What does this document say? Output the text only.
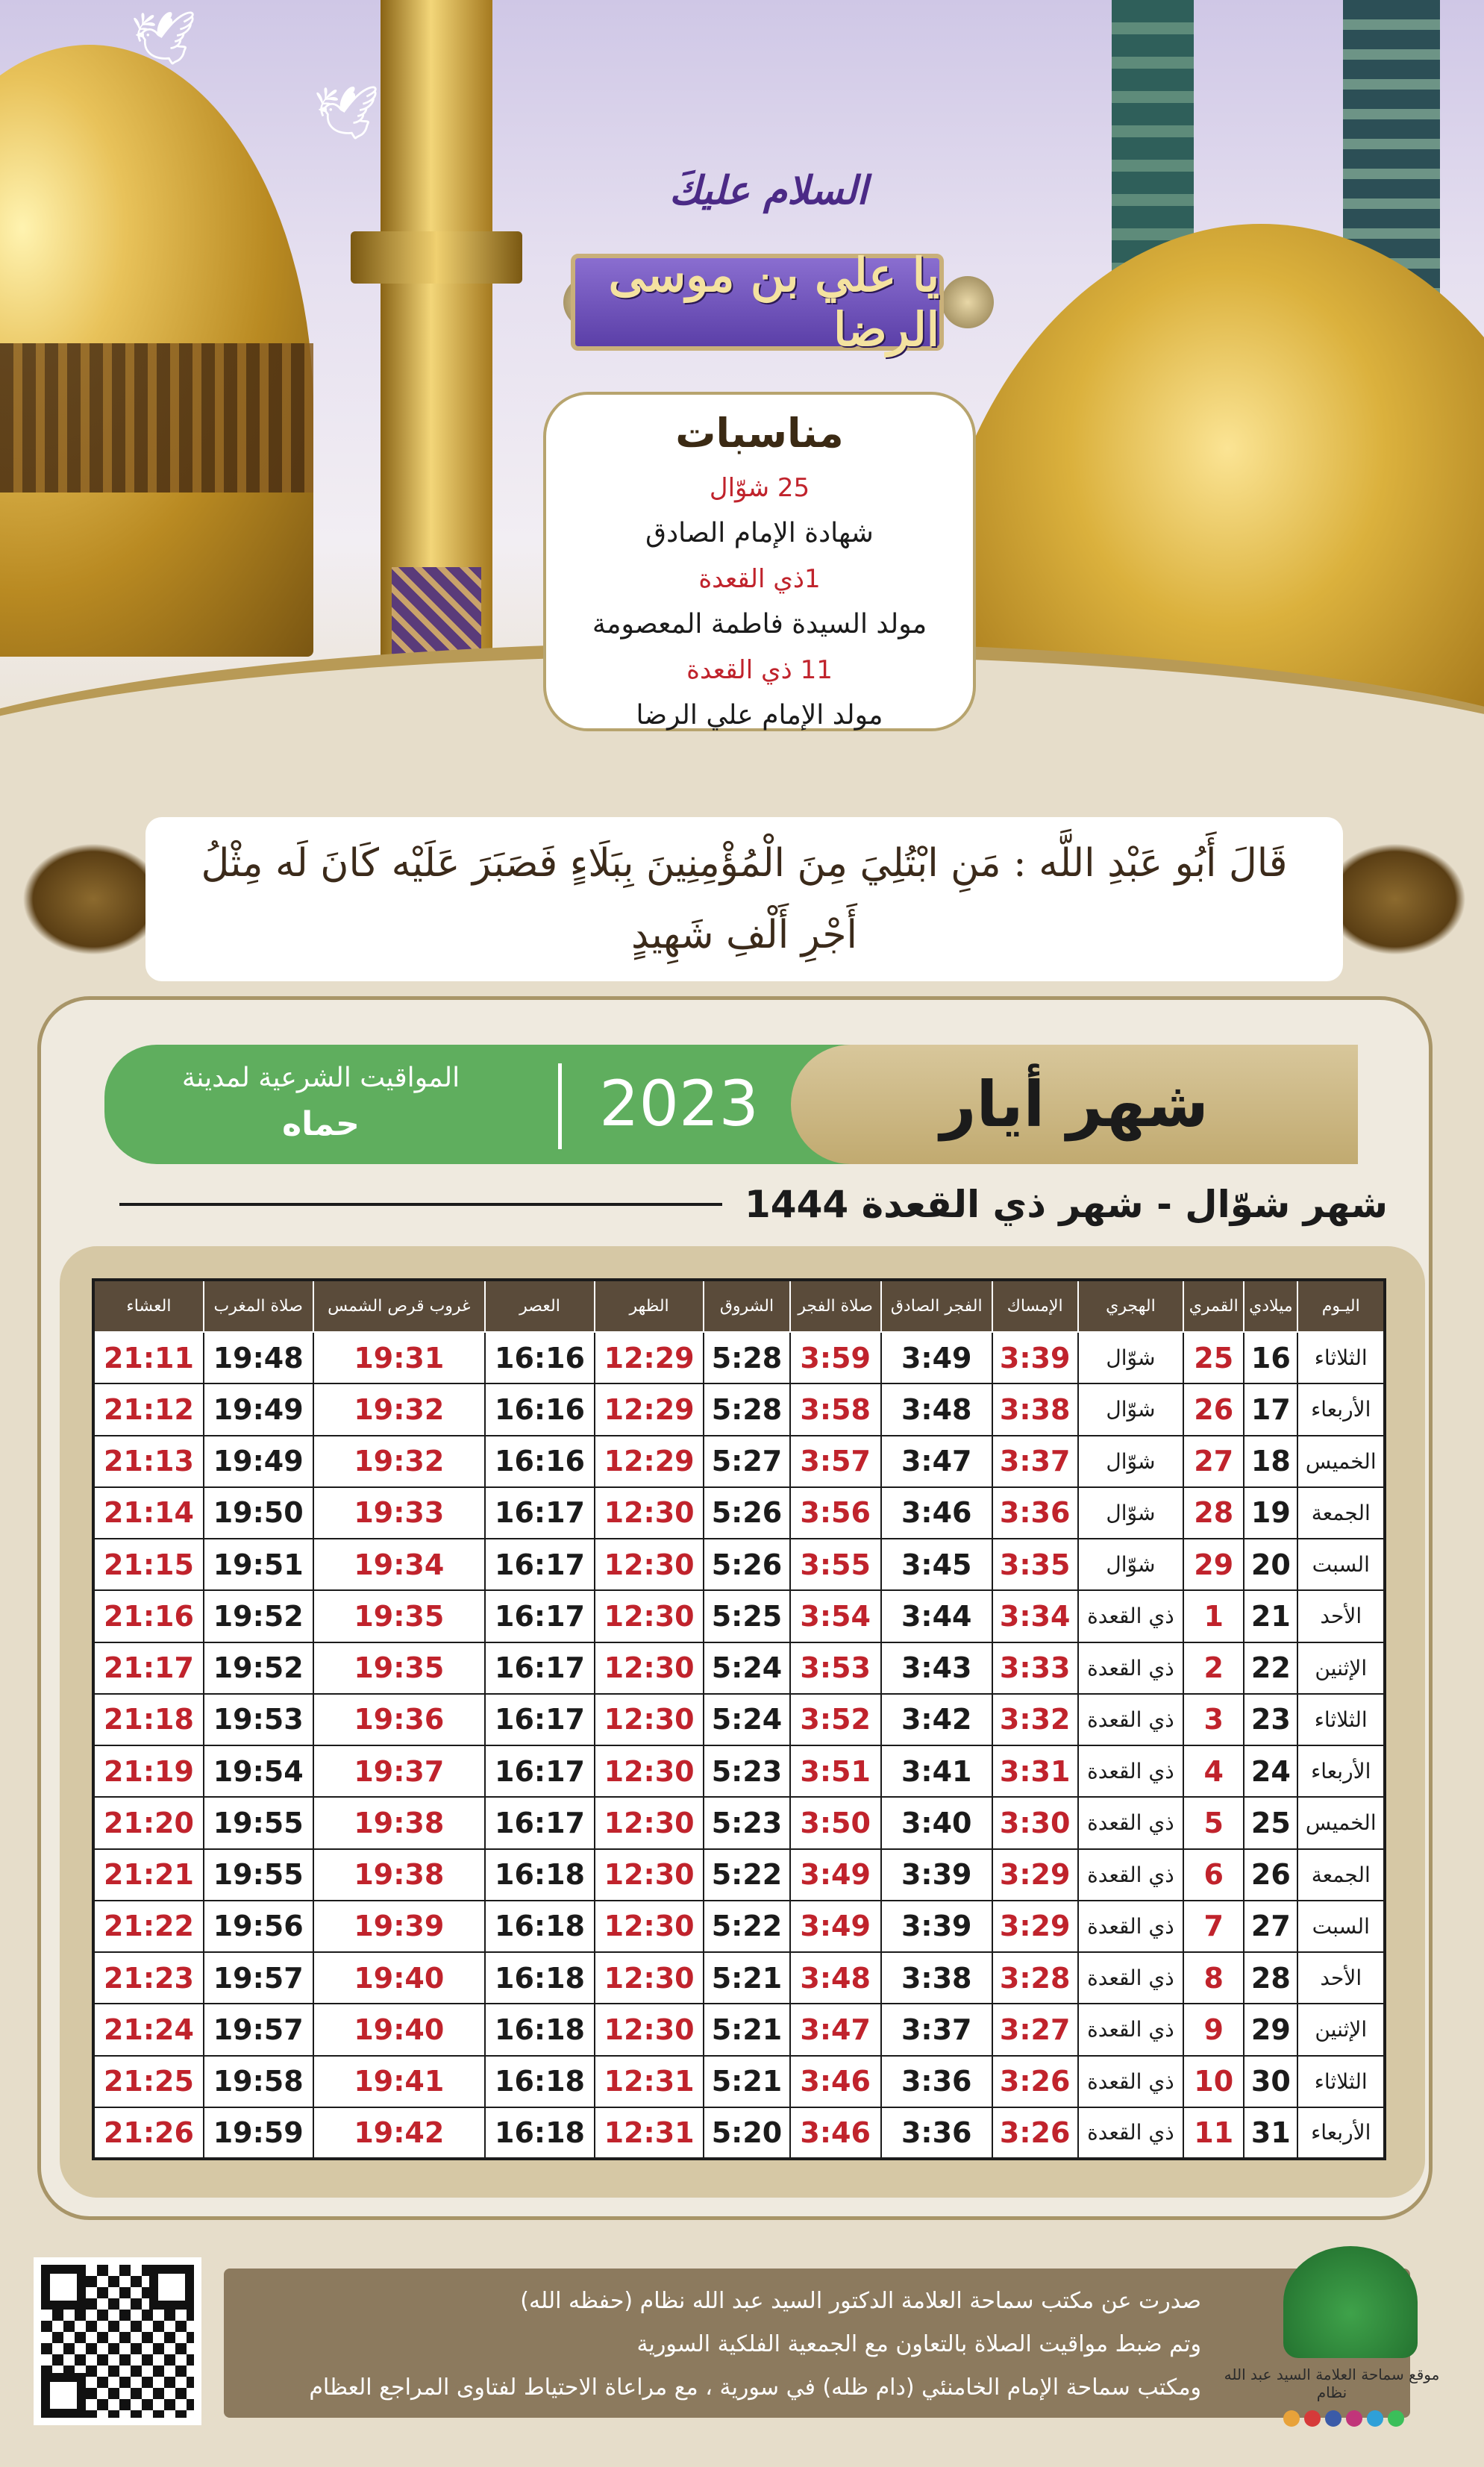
🕊
🕊
السلام عليكَ
يا علي بن موسى الرضا
مناسبات
25 شوّال
شهادة الإمام الصادق
1ذي القعدة
مولد السيدة فاطمة المعصومة
11 ذي القعدة
مولد الإمام علي الرضا
قَالَ أَبُو عَبْدِ اللَّه : مَنِ ابْتُلِيَ مِنَ الْمُؤْمِنِينَ بِبَلَاءٍ فَصَبَرَ عَلَيْه كَانَ لَه مِثْلُ أَجْرِ أَلْفِ شَهِيدٍ
المواقيت الشرعية لمدينة
حماه	2023	شهر أيار
شهر شوّال - شهر ذي القعدة 1444
اليـوم	ميلادي	القمري	الهجري	الإمساك	الفجر الصادق	صلاة الفجر	الشروق	الظهر	العصر	غروب قرص الشمس	صلاة المغرب	العشاء
الثلاثاء	16	25	شوّال	3:39	3:49	3:59	5:28	12:29	16:16	19:31	19:48	21:11
الأربعاء	17	26	شوّال	3:38	3:48	3:58	5:28	12:29	16:16	19:32	19:49	21:12
الخميس	18	27	شوّال	3:37	3:47	3:57	5:27	12:29	16:16	19:32	19:49	21:13
الجمعة	19	28	شوّال	3:36	3:46	3:56	5:26	12:30	16:17	19:33	19:50	21:14
السبت	20	29	شوّال	3:35	3:45	3:55	5:26	12:30	16:17	19:34	19:51	21:15
الأحد	21	1	ذي القعدة	3:34	3:44	3:54	5:25	12:30	16:17	19:35	19:52	21:16
الإثنين	22	2	ذي القعدة	3:33	3:43	3:53	5:24	12:30	16:17	19:35	19:52	21:17
الثلاثاء	23	3	ذي القعدة	3:32	3:42	3:52	5:24	12:30	16:17	19:36	19:53	21:18
الأربعاء	24	4	ذي القعدة	3:31	3:41	3:51	5:23	12:30	16:17	19:37	19:54	21:19
الخميس	25	5	ذي القعدة	3:30	3:40	3:50	5:23	12:30	16:17	19:38	19:55	21:20
الجمعة	26	6	ذي القعدة	3:29	3:39	3:49	5:22	12:30	16:18	19:38	19:55	21:21
السبت	27	7	ذي القعدة	3:29	3:39	3:49	5:22	12:30	16:18	19:39	19:56	21:22
الأحد	28	8	ذي القعدة	3:28	3:38	3:48	5:21	12:30	16:18	19:40	19:57	21:23
الإثنين	29	9	ذي القعدة	3:27	3:37	3:47	5:21	12:30	16:18	19:40	19:57	21:24
الثلاثاء	30	10	ذي القعدة	3:26	3:36	3:46	5:21	12:31	16:18	19:41	19:58	21:25
الأربعاء	31	11	ذي القعدة	3:26	3:36	3:46	5:20	12:31	16:18	19:42	19:59	21:26
صدرت عن مكتب سماحة العلامة الدكتور السيد عبد الله نظام (حفظه الله)
وتم ضبط مواقيت الصلاة بالتعاون مع الجمعية الفلكية السورية
ومكتب سماحة الإمام الخامنئي (دام ظله) في سورية ، مع مراعاة الاحتياط لفتاوى المراجع العظام موقع سماحة العلامة السيد عبد الله نظام
